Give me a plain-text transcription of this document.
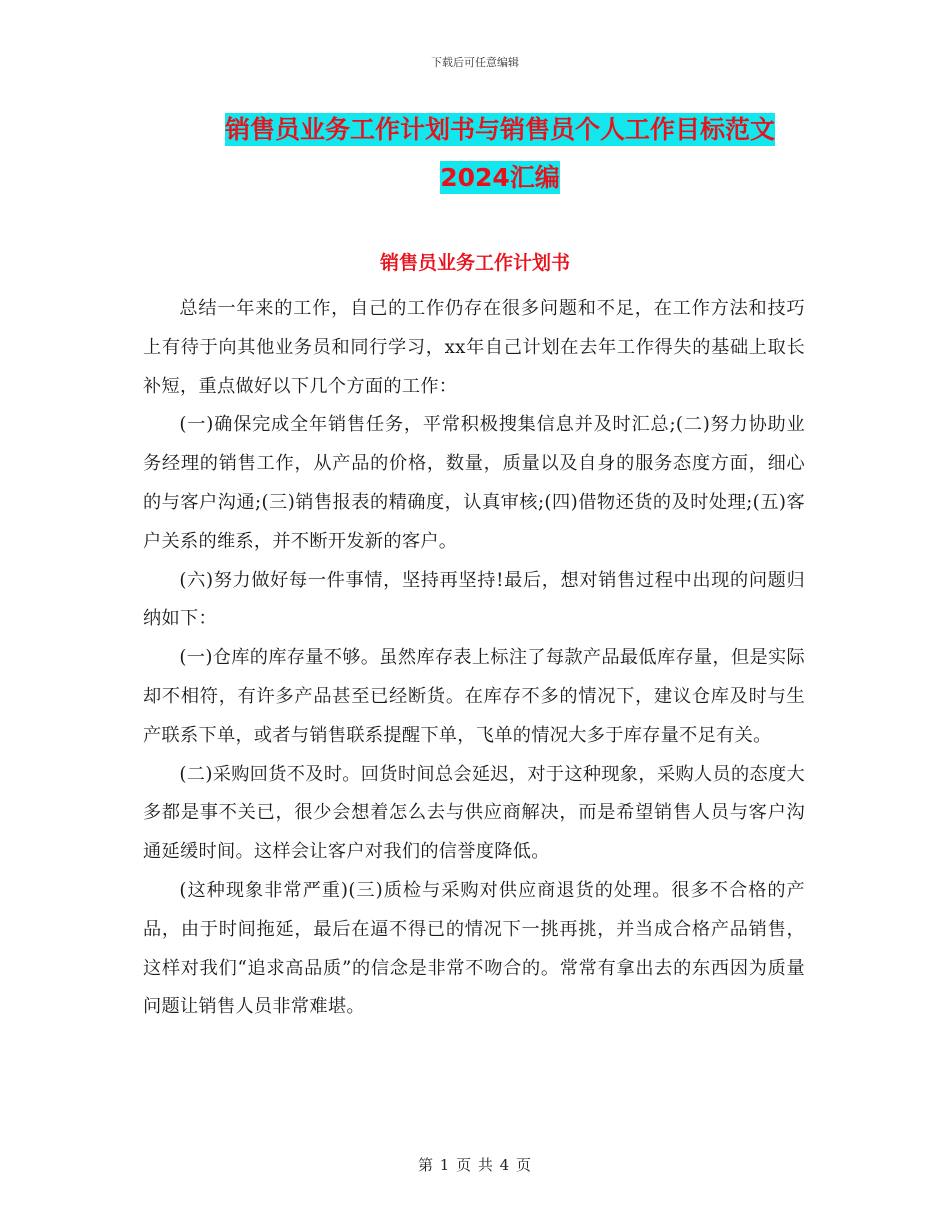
下载后可任意编辑
销售员业务工作计划书与销售员个人工作目标范文
2024汇编
销售员业务工作计划书

总结一年来的工作，自己的工作仍存在很多问题和不足，在工作方法和技巧上有待于向其他业务员和同行学习，xx年自己计划在去年工作得失的基础上取长补短，重点做好以下几个方面的工作：

(一)确保完成全年销售任务，平常积极搜集信息并及时汇总;(二)努力协助业务经理的销售工作，从产品的价格，数量，质量以及自身的服务态度方面，细心的与客户沟通;(三)销售报表的精确度，认真审核;(四)借物还货的及时处理;(五)客户关系的维系，并不断开发新的客户。

(六)努力做好每一件事情，坚持再坚持!最后，想对销售过程中出现的问题归纳如下：

(一)仓库的库存量不够。虽然库存表上标注了每款产品最低库存量，但是实际却不相符，有许多产品甚至已经断货。在库存不多的情况下，建议仓库及时与生产联系下单，或者与销售联系提醒下单，飞单的情况大多于库存量不足有关。

(二)采购回货不及时。回货时间总会延迟，对于这种现象，采购人员的态度大多都是事不关已，很少会想着怎么去与供应商解决，而是希望销售人员与客户沟通延缓时间。这样会让客户对我们的信誉度降低。

(这种现象非常严重)(三)质检与采购对供应商退货的处理。很多不合格的产品，由于时间拖延，最后在逼不得已的情况下一挑再挑，并当成合格产品销售，这样对我们“追求高品质”的信念是非常不吻合的。常常有拿出去的东西因为质量问题让销售人员非常难堪。

第 1 页 共 4 页
